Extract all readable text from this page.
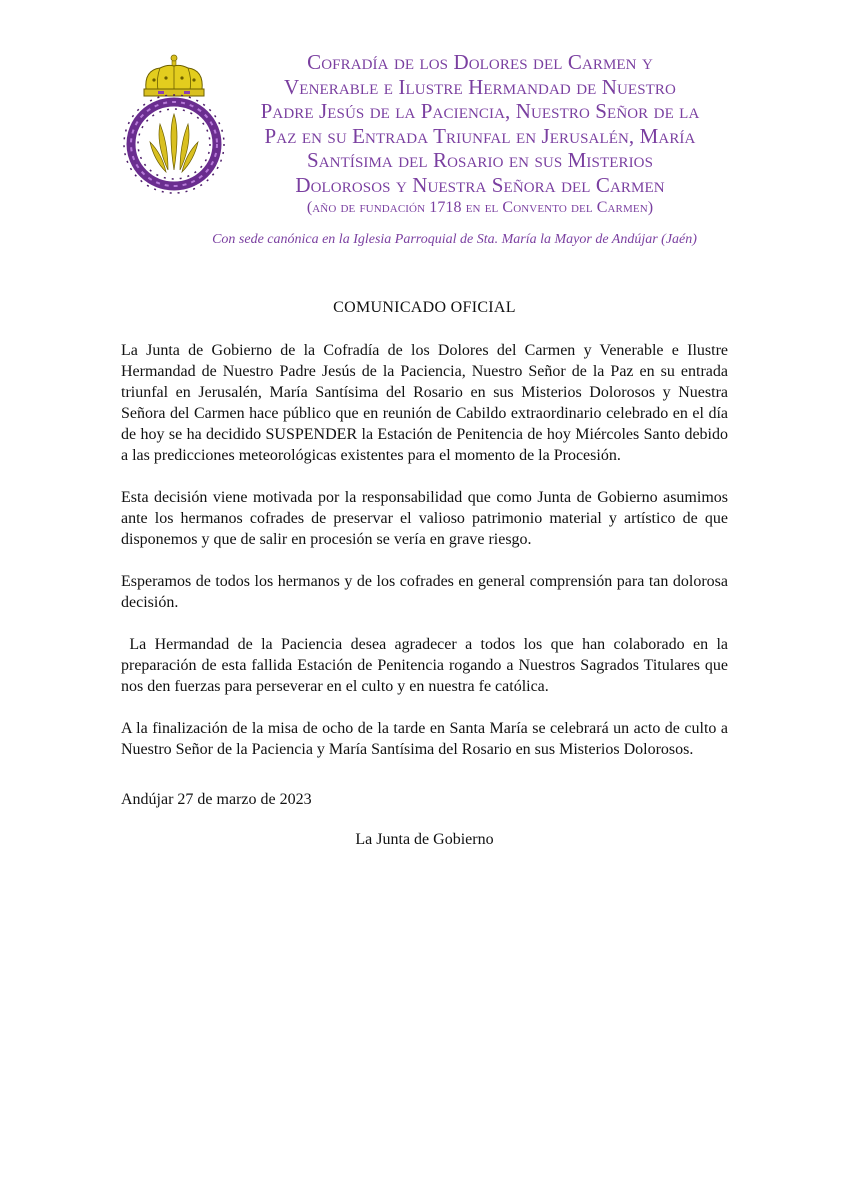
Cofradía de los Dolores del Carmen y
Venerable e Ilustre Hermandad de Nuestro
Padre Jesús de la Paciencia, Nuestro Señor de la
Paz en su Entrada Triunfal en Jerusalén, María
Santísima del Rosario en sus Misterios
Dolorosos y Nuestra Señora del Carmen
(año de fundación 1718 en el Convento del Carmen)
Con sede canónica en la Iglesia Parroquial de Sta. María la Mayor de Andújar (Jaén)
COMUNICADO OFICIAL

La Junta de Gobierno de la Cofradía de los Dolores del Carmen y Venerable e Ilustre Hermandad de Nuestro Padre Jesús de la Paciencia, Nuestro Señor de la Paz en su entrada triunfal en Jerusalén, María Santísima del Rosario en sus Misterios Dolorosos y Nuestra Señora del Carmen hace público que en reunión de Cabildo extraordinario celebrado en el día de hoy se ha decidido SUSPENDER la Estación de Penitencia de hoy Miércoles Santo debido a las predicciones meteorológicas existentes para el momento de la Procesión.

Esta decisión viene motivada por la responsabilidad que como Junta de Gobierno asumimos ante los hermanos cofrades de preservar el valioso patrimonio material y artístico de que disponemos y que de salir en procesión se vería en grave riesgo.

Esperamos de todos los hermanos y de los cofrades en general comprensión para tan dolorosa decisión.

La Hermandad de la Paciencia desea agradecer a todos los que han colaborado en la preparación de esta fallida Estación de Penitencia rogando a Nuestros Sagrados Titulares que nos den fuerzas para perseverar en el culto y en nuestra fe católica.

A la finalización de la misa de ocho de la tarde en Santa María se celebrará un acto de culto a Nuestro Señor de la Paciencia y María Santísima del Rosario en sus Misterios Dolorosos.

Andújar 27 de marzo de 2023
La Junta de Gobierno
